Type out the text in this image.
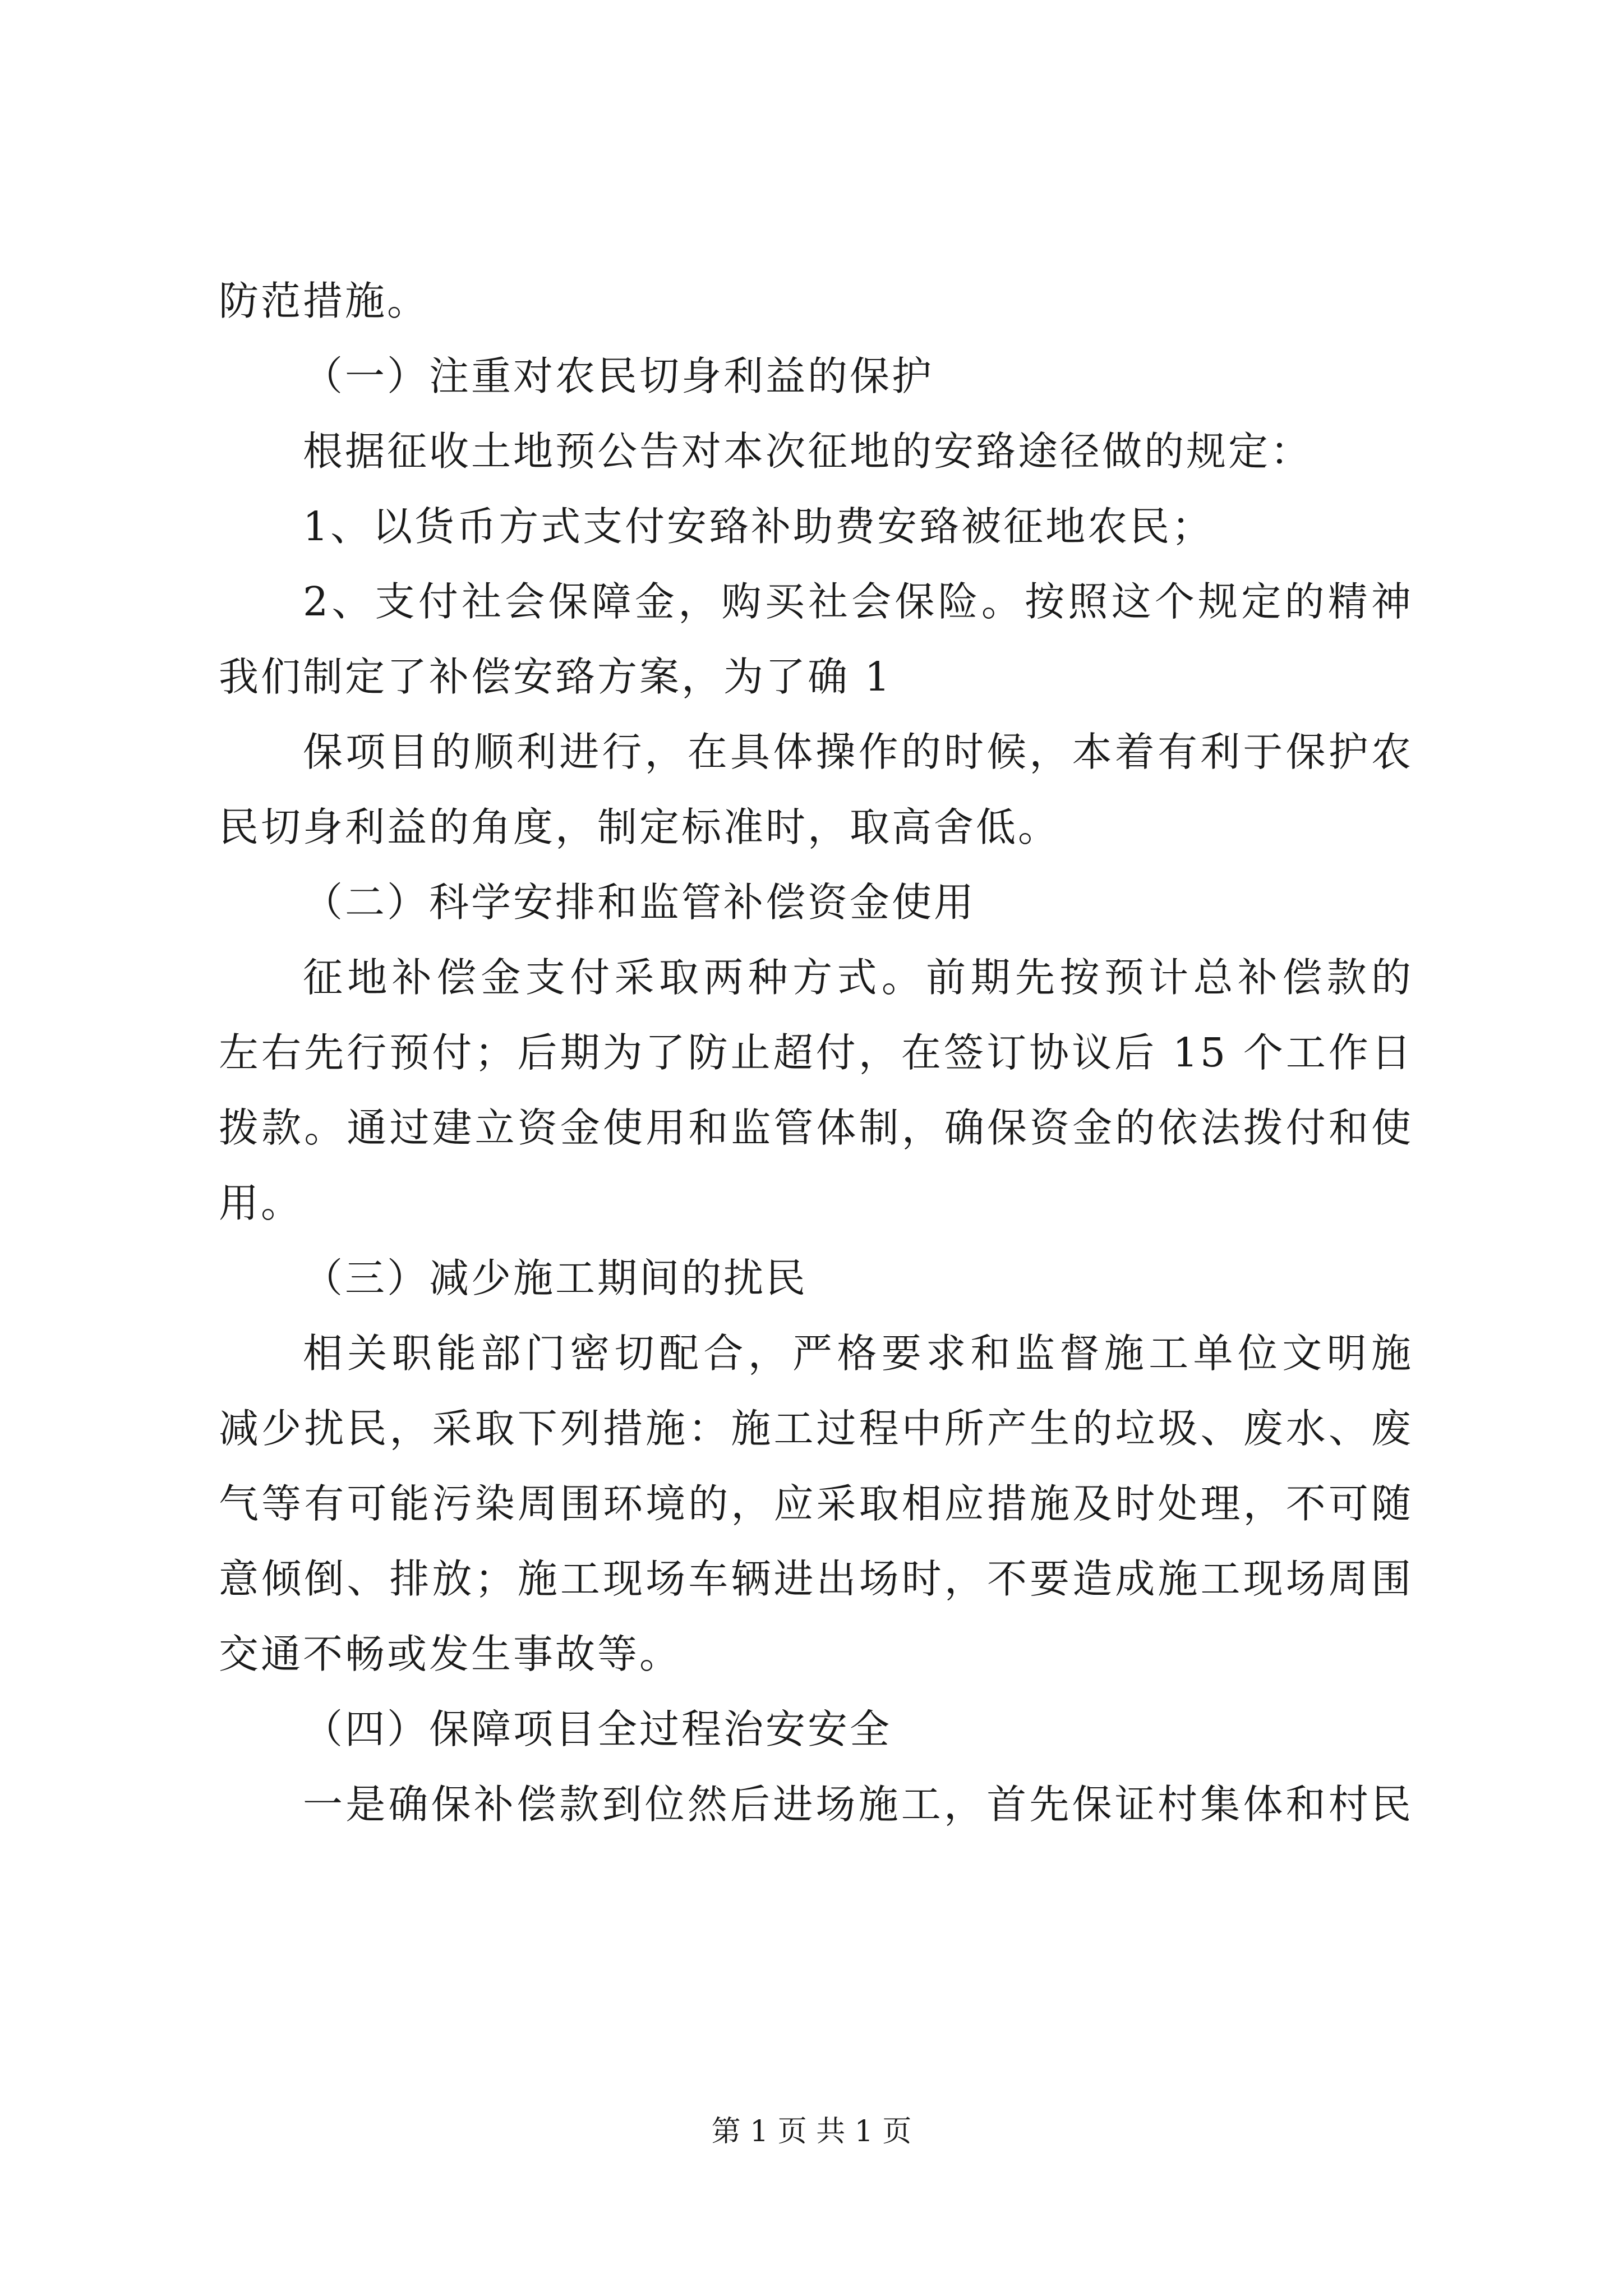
防范措施。
（一）注重对农民切身利益的保护
根据征收土地预公告对本次征地的安臵途径做的规定：
1、以货币方式支付安臵补助费安臵被征地农民；
2、支付社会保障金，购买社会保险。按照这个规定的精神
我们制定了补偿安臵方案，为了确 1
保项目的顺利进行，在具体操作的时候，本着有利于保护农
民切身利益的角度，制定标准时，取高舍低。
（二）科学安排和监管补偿资金使用
征地补偿金支付采取两种方式。前期先按预计总补偿款的
左右先行预付；后期为了防止超付，在签订协议后 15 个工作日
拨款。通过建立资金使用和监管体制，确保资金的依法拨付和使
用。
（三）减少施工期间的扰民
相关职能部门密切配合，严格要求和监督施工单位文明施
减少扰民，采取下列措施：施工过程中所产生的垃圾、废水、废
气等有可能污染周围环境的，应采取相应措施及时处理，不可随
意倾倒、排放；施工现场车辆进出场时，不要造成施工现场周围
交通不畅或发生事故等。
（四）保障项目全过程治安安全
一是确保补偿款到位然后进场施工，首先保证村集体和村民
第 1 页 共 1 页
